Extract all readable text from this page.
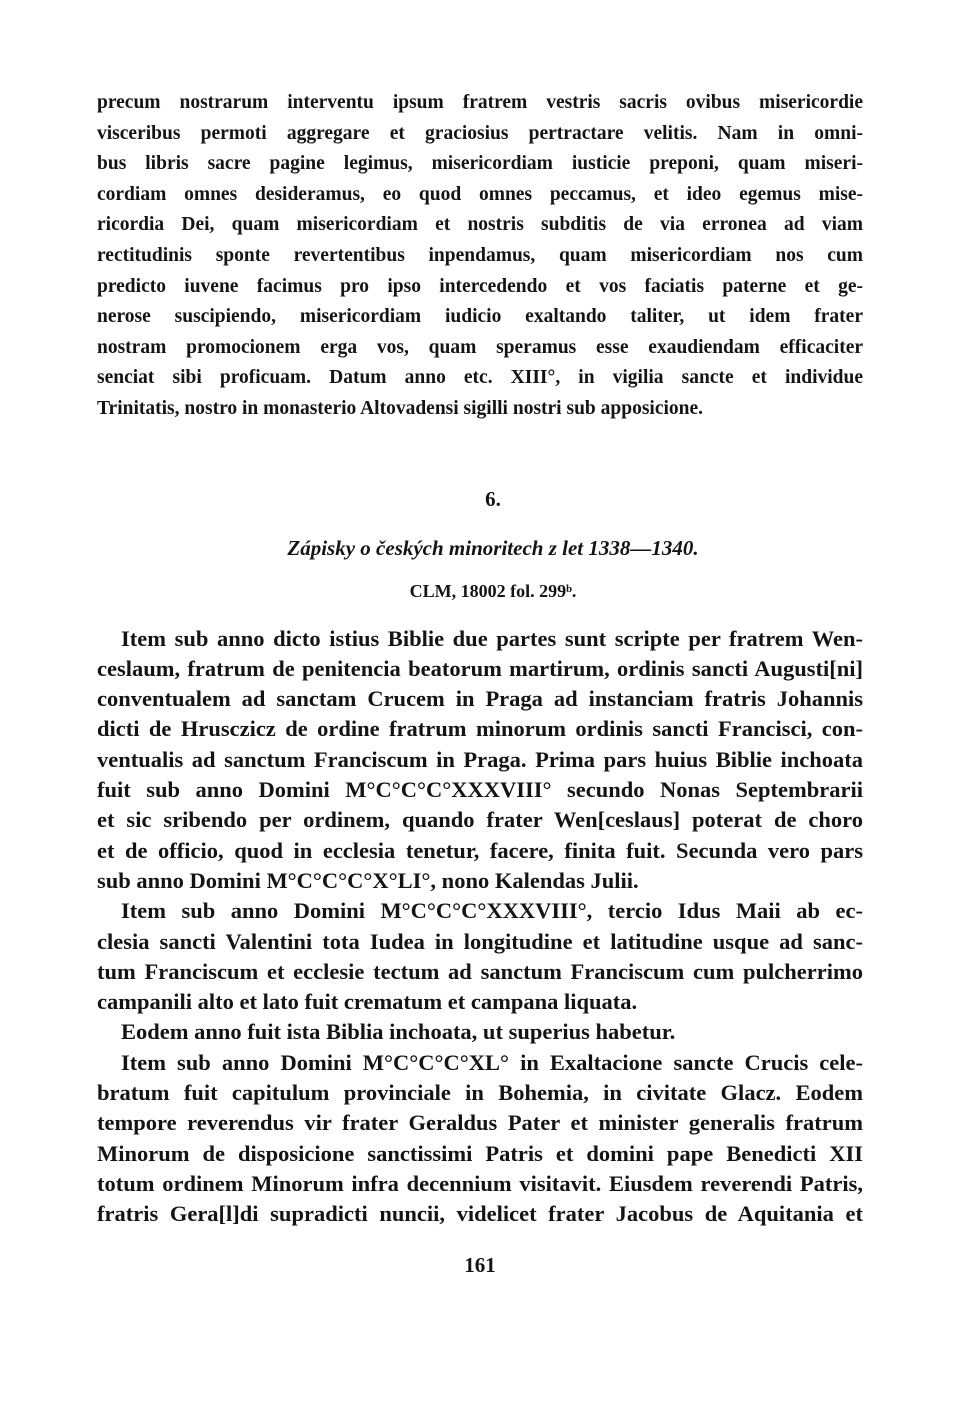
precum nostrarum interventu ipsum fratrem vestris sacris ovibus misericordie
visceribus permoti aggregare et graciosius pertractare velitis. Nam in omni-
bus libris sacre pagine legimus, misericordiam iusticie preponi, quam miseri-
cordiam omnes desideramus, eo quod omnes peccamus, et ideo egemus mise-
ricordia Dei, quam misericordiam et nostris subditis de via erronea ad viam
rectitudinis sponte revertentibus inpendamus, quam misericordiam nos cum
predicto iuvene facimus pro ipso intercedendo et vos faciatis paterne et ge-
nerose suscipiendo, misericordiam iudicio exaltando taliter, ut idem frater
nostram promocionem erga vos, quam speramus esse exaudiendam efficaciter
senciat sibi proficuam. Datum anno etc. XIII°, in vigilia sancte et individue
Trinitatis, nostro in monasterio Altovadensi sigilli nostri sub apposicione.
6.
Zápisky o českých minoritech z let 1338—1340.
CLM, 18002 fol. 299ᵇ.
Item sub anno dicto istius Biblie due partes sunt scripte per fratrem Wen-
ceslaum, fratrum de penitencia beatorum martirum, ordinis sancti Augusti[ni]
conventualem ad sanctam Crucem in Praga ad instanciam fratris Johannis
dicti de Hrusczicz de ordine fratrum minorum ordinis sancti Francisci, con-
ventualis ad sanctum Franciscum in Praga. Prima pars huius Biblie inchoata
fuit sub anno Domini M°C°C°C°XXXVIII° secundo Nonas Septembrarii
et sic sribendo per ordinem, quando frater Wen[ceslaus] poterat de choro
et de officio, quod in ecclesia tenetur, facere, finita fuit. Secunda vero pars
sub anno Domini M°C°C°C°X°LI°, nono Kalendas Julii.
Item sub anno Domini M°C°C°C°XXXVIII°, tercio Idus Maii ab ec-
clesia sancti Valentini tota Iudea in longitudine et latitudine usque ad sanc-
tum Franciscum et ecclesie tectum ad sanctum Franciscum cum pulcherrimo
campanili alto et lato fuit crematum et campana liquata.
Eodem anno fuit ista Biblia inchoata, ut superius habetur.
Item sub anno Domini M°C°C°C°XL° in Exaltacione sancte Crucis cele-
bratum fuit capitulum provinciale in Bohemia, in civitate Glacz. Eodem
tempore reverendus vir frater Geraldus Pater et minister generalis fratrum
Minorum de disposicione sanctissimi Patris et domini pape Benedicti XII
totum ordinem Minorum infra decennium visitavit. Eiusdem reverendi Patris,
fratris Gera[l]di supradicti nuncii, videlicet frater Jacobus de Aquitania et
161
